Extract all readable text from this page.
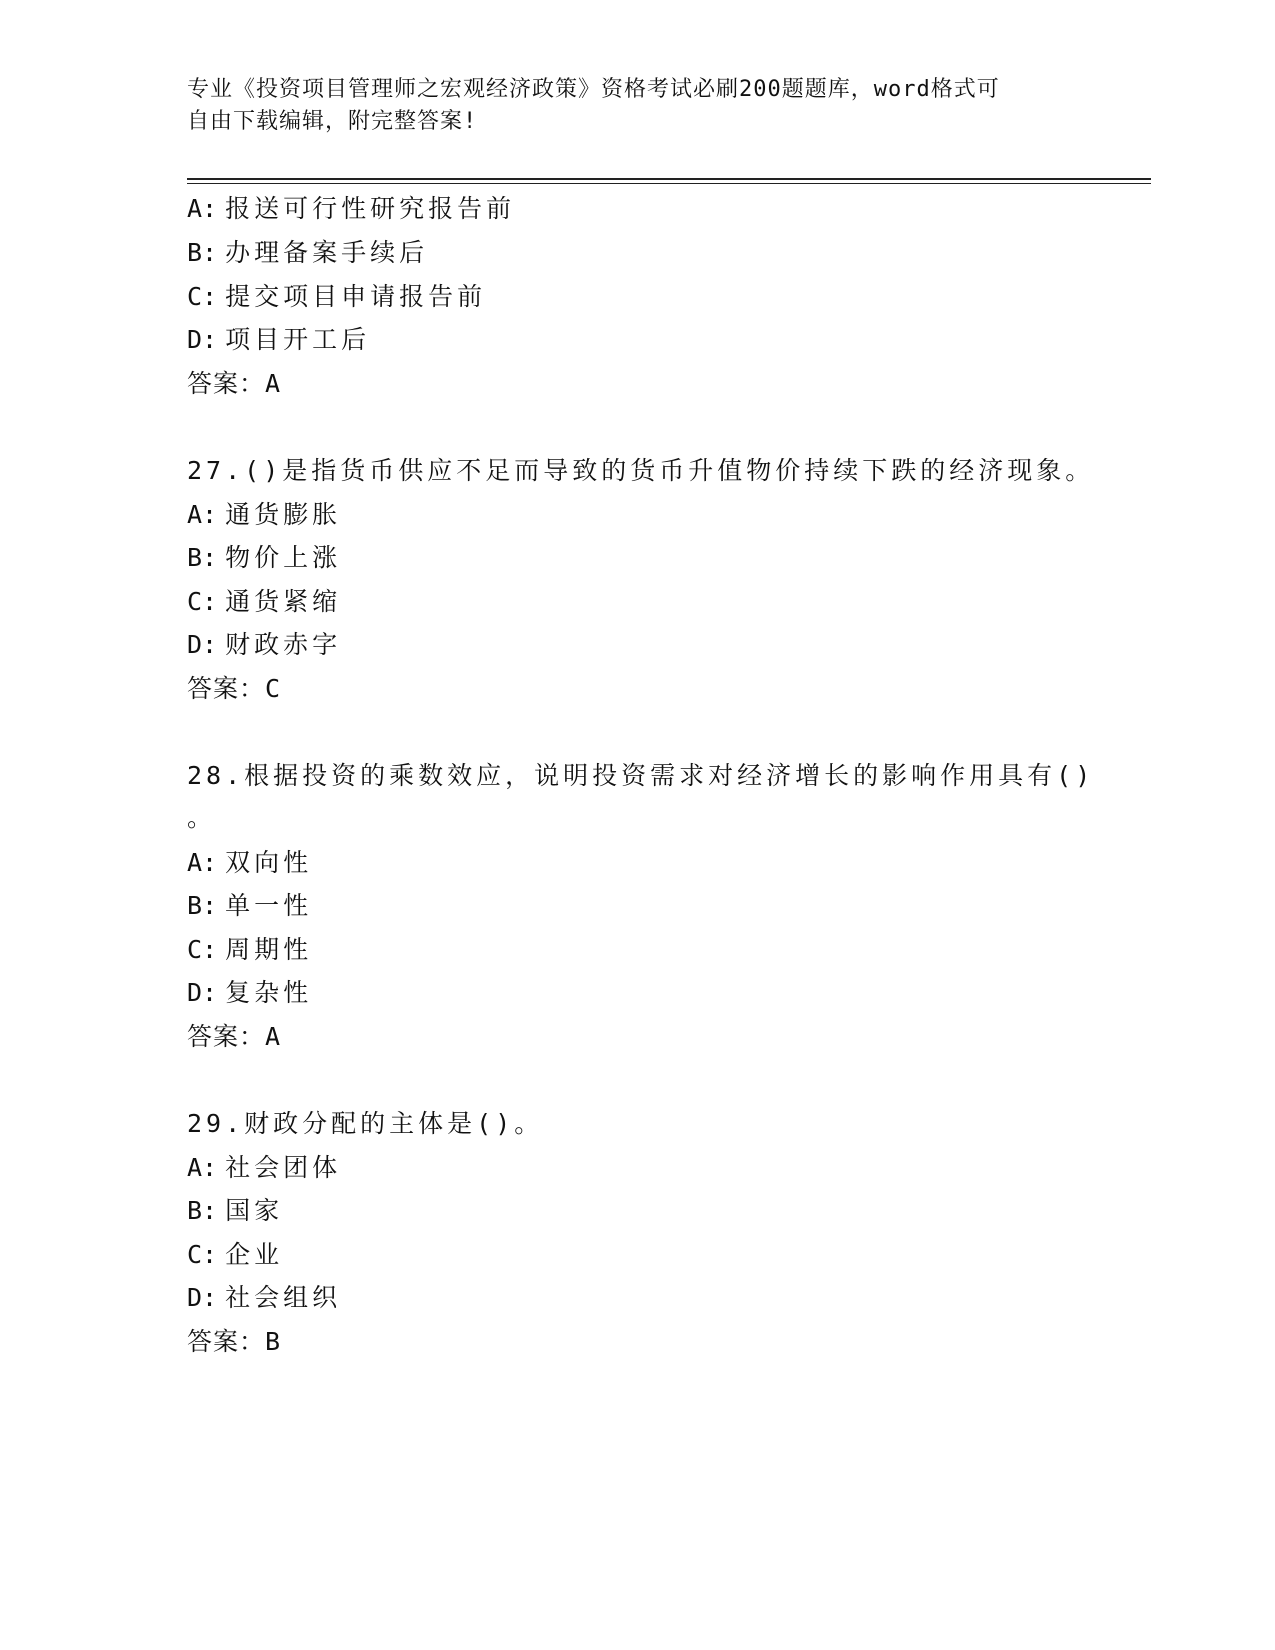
专业《投资项目管理师之宏观经济政策》资格考试必刷200题题库，word格式可
自由下载编辑，附完整答案!
A: 报送可行性研究报告前
B: 办理备案手续后
C: 提交项目申请报告前
D: 项目开工后
答案：A
27.()是指货币供应不足而导致的货币升值物价持续下跌的经济现象。
A: 通货膨胀
B: 物价上涨
C: 通货紧缩
D: 财政赤字
答案：C
28.根据投资的乘数效应，说明投资需求对经济增长的影响作用具有()
。
A: 双向性
B: 单一性
C: 周期性
D: 复杂性
答案：A
29.财政分配的主体是()。
A: 社会团体
B: 国家
C: 企业
D: 社会组织
答案：B
